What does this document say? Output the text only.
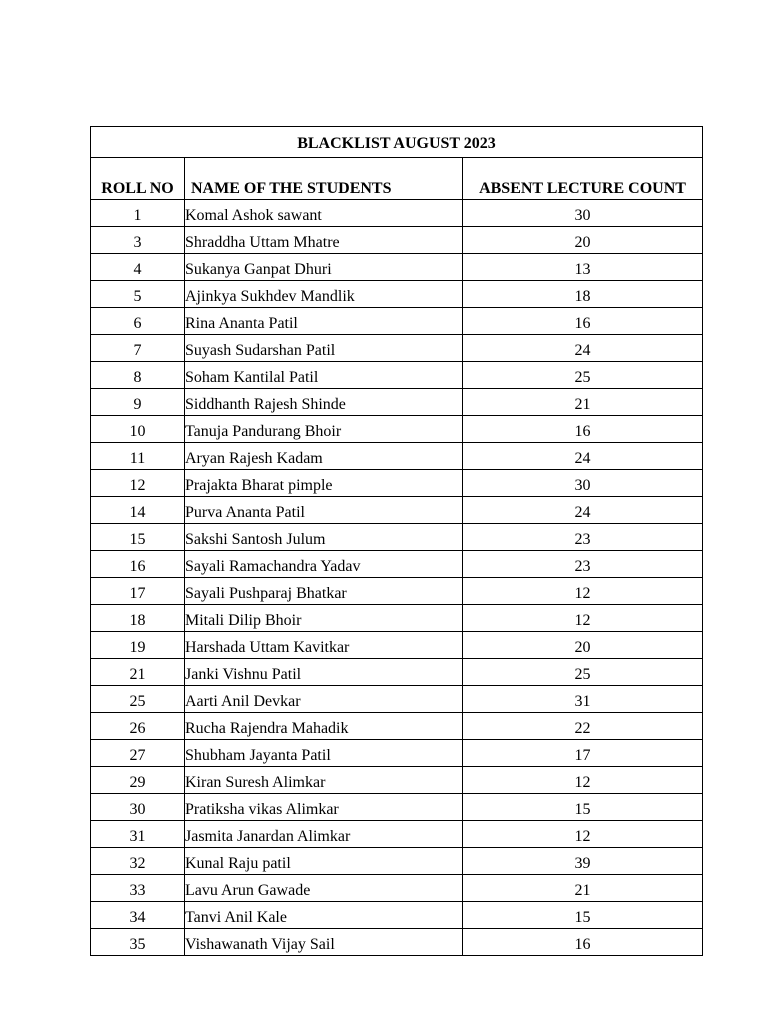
BLACKLIST AUGUST 2023		
ROLL NO	NAME OF THE STUDENTS	ABSENT LECTURE COUNT
1	Komal Ashok sawant	30
3	Shraddha Uttam Mhatre	20
4	Sukanya Ganpat Dhuri	13
5	Ajinkya Sukhdev Mandlik	18
6	Rina Ananta Patil	16
7	Suyash Sudarshan Patil	24
8	Soham Kantilal Patil	25
9	Siddhanth Rajesh Shinde	21
10	Tanuja Pandurang Bhoir	16
11	Aryan Rajesh Kadam	24
12	Prajakta Bharat pimple	30
14	Purva Ananta Patil	24
15	Sakshi Santosh Julum	23
16	Sayali Ramachandra Yadav	23
17	Sayali Pushparaj Bhatkar	12
18	Mitali Dilip Bhoir	12
19	Harshada Uttam Kavitkar	20
21	Janki Vishnu Patil	25
25	Aarti Anil Devkar	31
26	Rucha Rajendra Mahadik	22
27	Shubham Jayanta Patil	17
29	Kiran Suresh Alimkar	12
30	Pratiksha vikas Alimkar	15
31	Jasmita Janardan Alimkar	12
32	Kunal Raju patil	39
33	Lavu Arun Gawade	21
34	Tanvi Anil Kale	15
35	Vishawanath Vijay Sail	16
